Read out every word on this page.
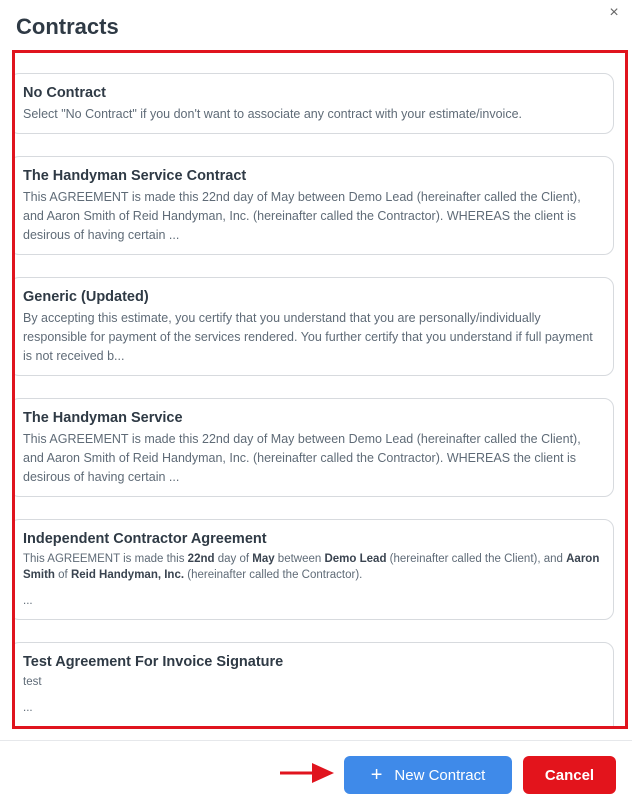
Contracts
×

No Contract

Select "No Contract" if you don't want to associate any contract with your estimate/invoice.

The Handyman Service Contract

This AGREEMENT is made this 22nd day of May between Demo Lead (hereinafter called the Client), and Aaron Smith of Reid Handyman, Inc. (hereinafter called the Contractor). WHEREAS the client is desirous of having certain ...

Generic (Updated)

By accepting this estimate, you certify that you understand that you are personally/individually responsible for payment of the services rendered. You further certify that you understand if full payment is not received b...

The Handyman Service

This AGREEMENT is made this 22nd day of May between Demo Lead (hereinafter called the Client), and Aaron Smith of Reid Handyman, Inc. (hereinafter called the Contractor). WHEREAS the client is desirous of having certain ...

Independent Contractor Agreement

This AGREEMENT is made this 22nd day of May between Demo Lead (hereinafter called the Client), and Aaron Smith of Reid Handyman, Inc. (hereinafter called the Contractor).
...

Test Agreement For Invoice Signature

test
...

+ New Contract	Cancel
